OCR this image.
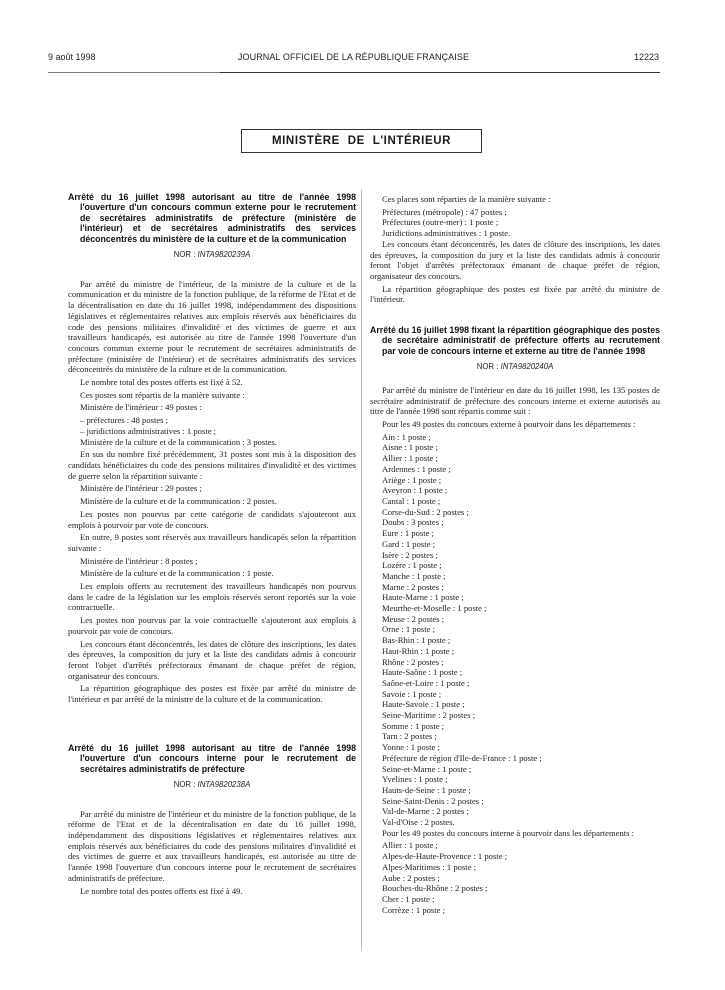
9 août 1998	JOURNAL OFFICIEL DE LA RÉPUBLIQUE FRANÇAISE	12223
MINISTÈRE DE L'INTÉRIEUR

Arrêté du 16 juillet 1998 autorisant au titre de l'année 1998 l'ouverture d'un concours commun externe pour le recrutement de secrétaires administratifs de préfecture (ministère de l'intérieur) et de secrétaires administratifs des services déconcentrés du ministère de la culture et de la communication

NOR : INTA9820239A

Par arrêté du ministre de l'intérieur, de la ministre de la culture et de la communication et du ministre de la fonction publique, de la réforme de l'Etat et de la décentralisation en date du 16 juillet 1998, indépendamment des dispositions législatives et réglementaires relatives aux emplois réservés aux bénéficiaires du code des pensions militaires d'invalidité et des victimes de guerre et aux travailleurs handicapés, est autorisée au titre de l'année 1998 l'ouverture d'un concours commun externe pour le recrutement de secrétaires administratifs de préfecture (ministère de l'intérieur) et de secrétaires administratifs des services déconcentrés du ministère de la culture et de la communication.

Le nombre total des postes offerts est fixé à 52.

Ces postes sont répartis de la manière suivante :

Ministère de l'intérieur : 49 postes :

– préfectures : 48 postes ;

– juridictions administratives : 1 poste ;

Ministère de la culture et de la communication : 3 postes.

En sus du nombre fixé précédemment, 31 postes sont mis à la disposition des candidats bénéficiaires du code des pensions militaires d'invalidité et des victimes de guerre selon la répartition suivante :

Ministère de l'intérieur : 29 postes ;

Ministère de la culture et de la communication : 2 postes.

Les postes non pourvus par cette catégorie de candidats s'ajouteront aux emplois à pourvoir par voie de concours.

En outre, 9 postes sont réservés aux travailleurs handicapés selon la répartition suivante :

Ministère de l'intérieur : 8 postes ;

Ministère de la culture et de la communication : 1 poste.

Les emplois offerts au recrutement des travailleurs handicapés non pourvus dans le cadre de la législation sur les emplois réservés seront reportés sur la voie contractuelle.

Les postes non pourvus par la voie contractuelle s'ajouteront aux emplois à pourvoir par voie de concours.

Les concours étant déconcentrés, les dates de clôture des inscriptions, les dates des épreuves, la composition du jury et la liste des candidats admis à concourir feront l'objet d'arrêtés préfectoraux émanant de chaque préfet de région, organisateur des concours.

La répartition géographique des postes est fixée par arrêté du ministre de l'intérieur et par arrêté de la ministre de la culture et de la communication.

Arrêté du 16 juillet 1998 autorisant au titre de l'année 1998 l'ouverture d'un concours interne pour le recrutement de secrétaires administratifs de préfecture

NOR : INTA9820238A

Par arrêté du ministre de l'intérieur et du ministre de la fonction publique, de la réforme de l'Etat et de la décentralisation en date du 16 juillet 1998, indépendamment des dispositions législatives et réglementaires relatives aux emplois réservés aux bénéficiaires du code des pensions militaires d'invalidité et des victimes de guerre et aux travailleurs handicapés, est autorisée au titre de l'année 1998 l'ouverture d'un concours interne pour le recrutement de secrétaires administratifs de préfecture.

Le nombre total des postes offerts est fixé à 49.

Ces places sont réparties de la manière suivante :

Préfectures (métropole) : 47 postes ;

Préfectures (outre-mer) : 1 poste ;

Juridictions administratives : 1 poste.

Les concours étant déconcentrés, les dates de clôture des inscriptions, les dates des épreuves, la composition du jury et la liste des candidats admis à concourir feront l'objet d'arrêtés préfectoraux émanant de chaque préfet de région, organisateur des concours.

La répartition géographique des postes est fixée par arrêté du ministre de l'intérieur.

Arrêté du 16 juillet 1998 fixant la répartition géographique des postes de secrétaire administratif de préfecture offerts au recrutement par voie de concours interne et externe au titre de l'année 1998

NOR : INTA9820240A

Par arrêté du ministre de l'intérieur en date du 16 juillet 1998, les 135 postes de secrétaire administratif de préfecture des concours interne et externe autorisés au titre de l'année 1998 sont répartis comme suit :

Pour les 49 postes du concours externe à pourvoir dans les départements :

Ain : 1 poste ;

Aisne : 1 poste ;

Allier : 1 poste ;

Ardennes : 1 poste ;

Ariège : 1 poste ;

Aveyron : 1 poste ;

Cantal : 1 poste ;

Corse-du-Sud : 2 postes ;

Doubs : 3 postes ;

Eure : 1 poste ;

Gard : 1 poste ;

Isère : 2 postes ;

Lozère : 1 poste ;

Manche : 1 poste ;

Marne : 2 postes ;

Haute-Marne : 1 poste ;

Meurthe-et-Moselle : 1 poste ;

Meuse : 2 postes ;

Orne : 1 poste ;

Bas-Rhin : 1 poste ;

Haut-Rhin : 1 poste ;

Rhône : 2 postes ;

Haute-Saône : 1 poste ;

Saône-et-Loire : 1 poste ;

Savoie : 1 poste ;

Haute-Savoie : 1 poste ;

Seine-Maritime : 2 postes ;

Somme : 1 poste ;

Tarn : 2 postes ;

Yonne : 1 poste ;

Préfecture de région d'Ile-de-France : 1 poste ;

Seine-et-Marne : 1 poste ;

Yvelines : 1 poste ;

Hauts-de-Seine : 1 poste ;

Seine-Saint-Denis : 2 postes ;

Val-de-Marne : 2 postes ;

Val-d'Oise : 2 postes.

Pour les 49 postes du concours interne à pourvoir dans les départements :

Allier : 1 poste ;

Alpes-de-Haute-Provence : 1 poste ;

Alpes-Maritimes : 1 poste ;

Aube : 2 postes ;

Bouches-du-Rhône : 2 postes ;

Cher : 1 poste ;

Corrèze : 1 poste ;
